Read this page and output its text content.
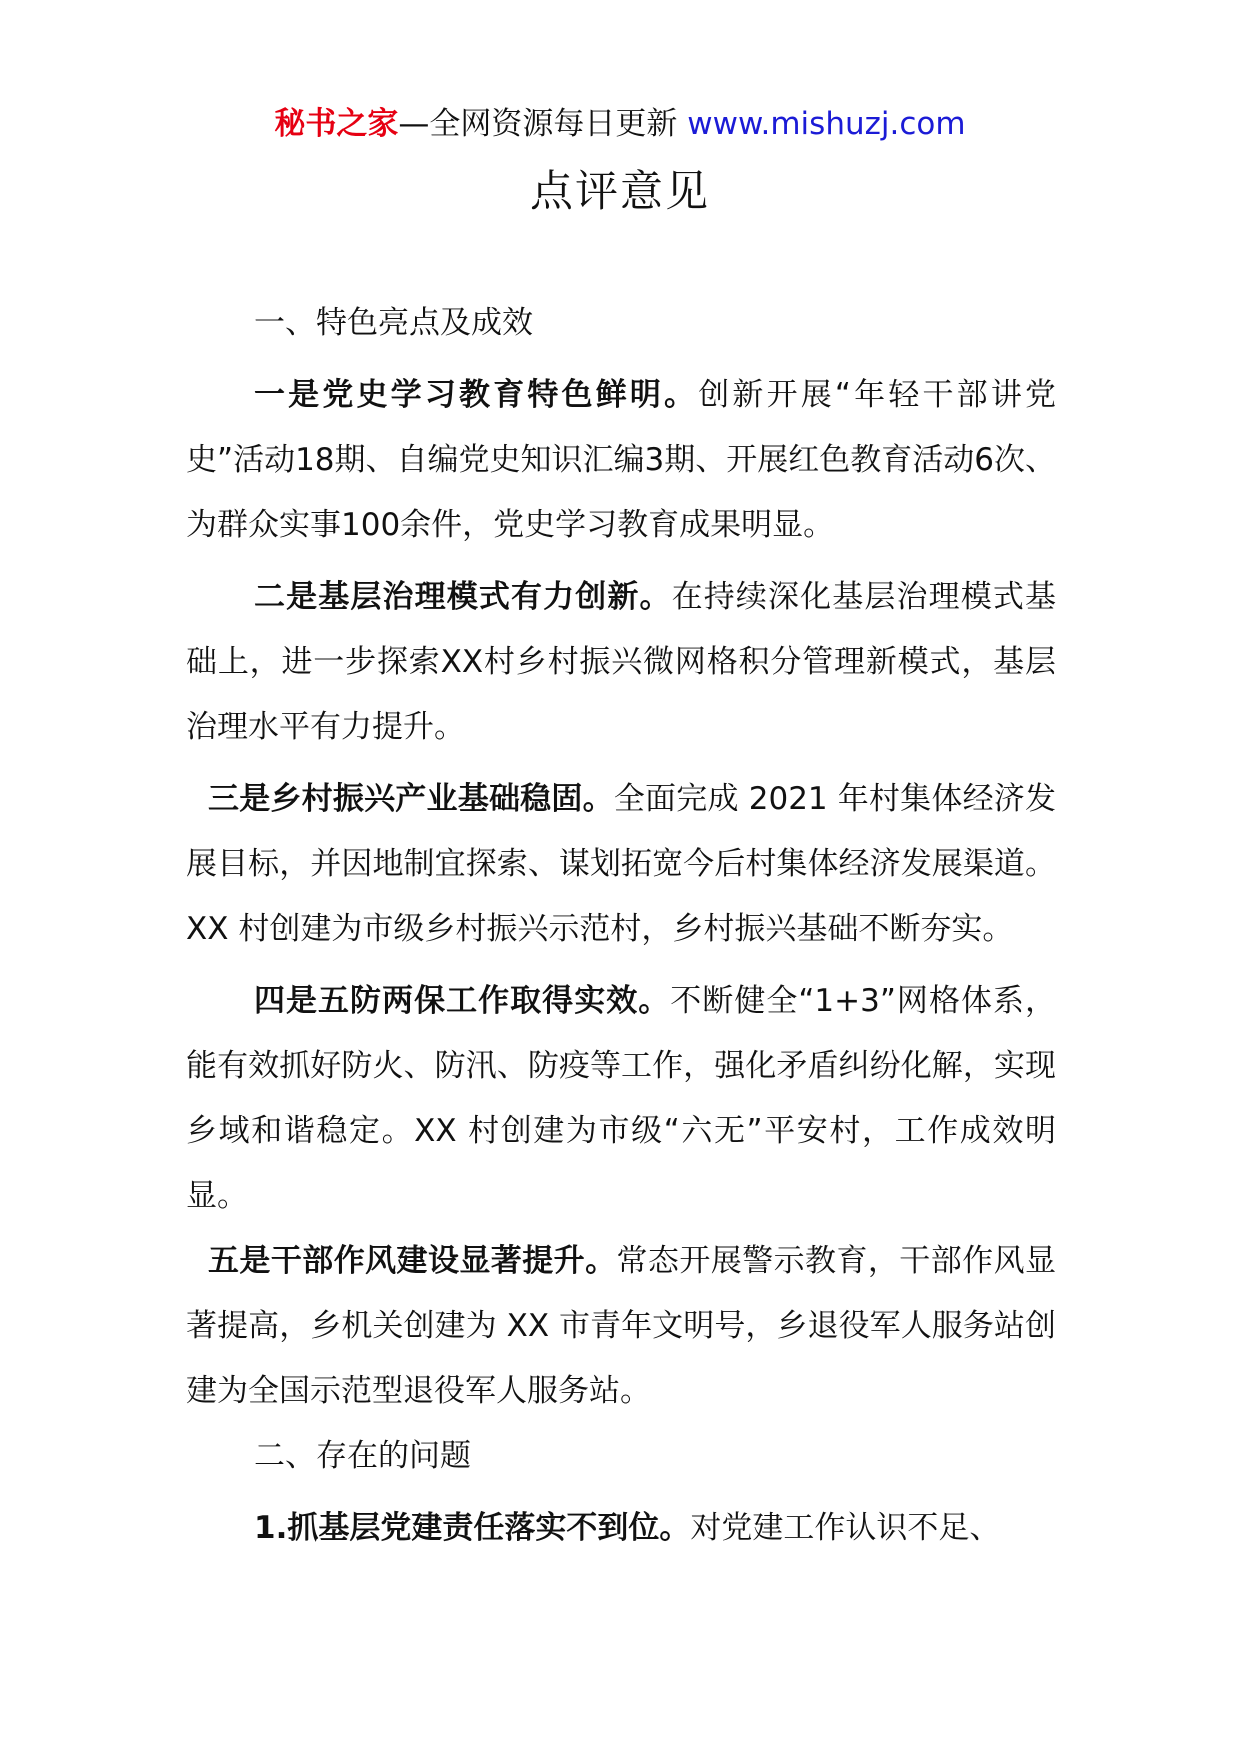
秘书之家—全网资源每日更新 www.mishuzj.com
点评意见

一、特色亮点及成效

一是党史学习教育特色鲜明。创新开展“年轻干部讲党史”活动18期、自编党史知识汇编3期、开展红色教育活动6次、为群众实事100余件，党史学习教育成果明显。

二是基层治理模式有力创新。在持续深化基层治理模式基础上，进一步探索XX村乡村振兴微网格积分管理新模式，基层治理水平有力提升。

三是乡村振兴产业基础稳固。全面完成 2021 年村集体经济发展目标，并因地制宜探索、谋划拓宽今后村集体经济发展渠道。XX 村创建为市级乡村振兴示范村，乡村振兴基础不断夯实。

四是五防两保工作取得实效。不断健全“1+3”网格体系，能有效抓好防火、防汛、防疫等工作，强化矛盾纠纷化解，实现乡域和谐稳定。XX 村创建为市级“六无”平安村，工作成效明显。

五是干部作风建设显著提升。常态开展警示教育，干部作风显著提高，乡机关创建为 XX 市青年文明号，乡退役军人服务站创建为全国示范型退役军人服务站。

二、存在的问题

1.抓基层党建责任落实不到位。对党建工作认识不足、
